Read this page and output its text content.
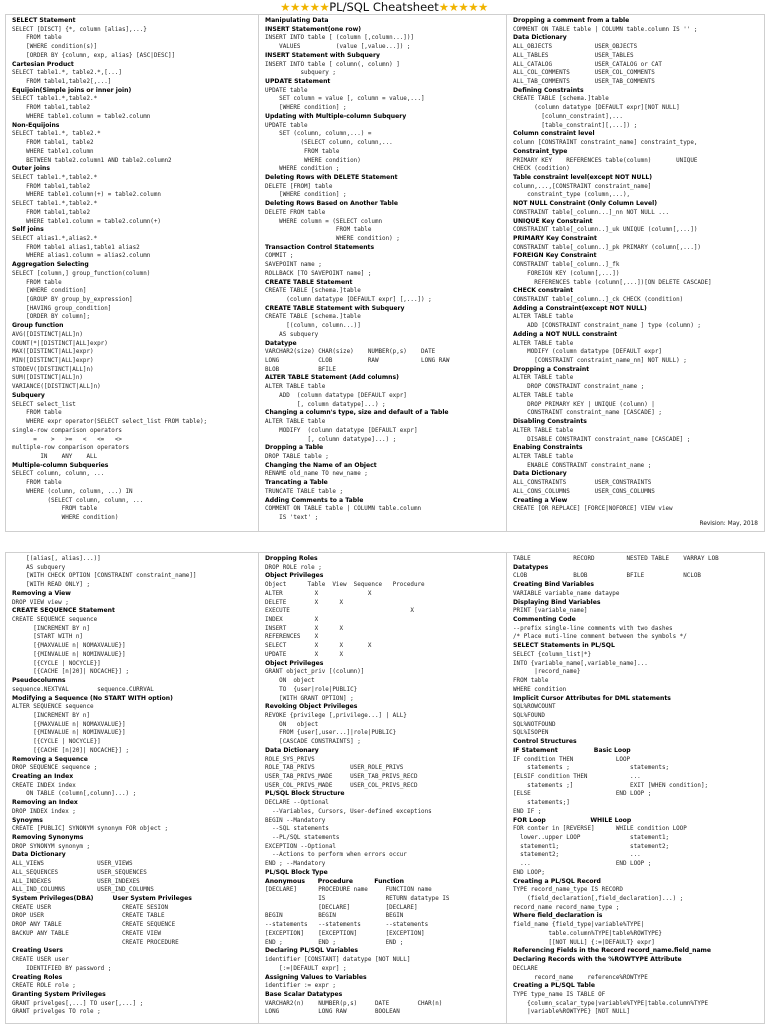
★★★★★PL/SQL Cheatsheet★★★★★
SELECT Statement
SELECT [DISCT] {*, column [alias],...}
FROM table
[WHERE condition(s)]
[ORDER BY {column, exp, alias} [ASC|DESC]]
Cartesian Product
SELECT table1.*, table2.*,[...]
FROM table1,table2[,...]
Equijoin(Simple joins or inner join)
SELECT table1.*,table2.*
FROM table1,table2
WHERE table1.column = table2.column
Non-Equijoins
SELECT table1.*, table2.*
FROM table1, table2
WHERE table1.column
BETWEEN table2.column1 AND table2.column2
Outer joins
SELECT table1.*,table2.*
FROM table1,table2
WHERE table1.column(+) = table2.column
SELECT table1.*,table2.*
FROM table1,table2
WHERE table1.column = table2.column(+)
Self joins
SELECT alias1.*,alias2.*
FROM table1 alias1,table1 alias2
WHERE alias1.column = alias2.column
Aggregation Selecting
SELECT [column,] group_function(column)
FROM table
[WHERE condition]
[GROUP BY group_by_expression]
[HAVING group_condition]
[ORDER BY column];
Group function
AVG([DISTINCT|ALL]n)
COUNT(*|[DISTINCT|ALL]expr)
MAX([DISTINCT|ALL]expr)
MIN([DISTINCT|ALL]expr)
STDDEV([DISTINCT|ALL]n)
SUM([DISTINCT|ALL]n)
VARIANCE([DISTINCT|ALL]n)
Subquery
SELECT select_list
FROM table
WHERE expr operator(SELECT select_list FROM table);
single-row comparison operators
=    >   >=   <   <=   <>
multiple-row comparison operators
IN    ANY    ALL
Multiple-column Subqueries
SELECT column, column, ...
FROM table
WHERE (column, column, ...) IN
(SELECT column, column, ...
FROM table
WHERE condition)
Manipulating Data
INSERT Statement(one row)
INSERT INTO table [ (column [,column...])]
VALUES          (value [,value...]) ;
INSERT Statement with Subquery
INSERT INTO table [ column(, column) ]
subquery ;
UPDATE Statement
UPDATE table
SET column = value [, column = value,...]
[WHERE condition] ;
Updating with Multiple-column Subquery
UPDATE table
SET (column, column,...) =
(SELECT column, column,...
FROM table
WHERE condition)
WHERE condition ;
Deleting Rows with DELETE Statement
DELETE [FROM] table
[WHERE condition] ;
Deleting Rows Based on Another Table
DELETE FROM table
WHERE column = (SELECT column
FROM table
WHERE condition) ;
Transaction Control Statements
COMMIT ;
SAVEPOINT name ;
ROLLBACK [TO SAVEPOINT name] ;
CREATE TABLE Statement
CREATE TABLE [schema.]table
(column datatype [DEFAULT expr] [,...]) ;
CREATE TABLE Statement with Subquery
CREATE TABLE [schema.]table
[(column, column...)]
AS subquery
Datatype
VARCHAR2(size) CHAR(size)    NUMBER(p,s)    DATE
LONG           CLOB          RAW            LONG RAW
BLOB           BFILE
ALTER TABLE Statement (Add columns)
ALTER TABLE table
ADD  (column datatype [DEFAULT expr]
[, column datatype]...) ;
Changing a column's type, size and default of a Table
ALTER TABLE table
MODIFY  (column datatype [DEFAULT expr]
[, column datatype]...) ;
Dropping a Table
DROP TABLE table ;
Changing the Name of an Object
RENAME old_name TO new_name ;
Trancating a Table
TRUNCATE TABLE table ;
Adding Comments to a Table
COMMENT ON TABLE table | COLUMN table.column
IS 'text' ;
Dropping a comment from a table
COMMENT ON TABLE table | COLUMN table.column IS '' ;
Data Dictionary
ALL_OBJECTS            USER_OBJECTS
ALL_TABLES             USER_TABLES
ALL_CATALOG            USER_CATALOG or CAT
ALL_COL_COMMENTS       USER_COL_COMMENTS
ALL_TAB_COMMENTS       USER_TAB_COMMENTS
Defining Constraints
CREATE TABLE [schema.]table
(column datatype [DEFAULT expr][NOT NULL]
[column_constraint],...
[table_constraint][,...]) ;
Column constraint level
column [CONSTRAINT constraint_name] constraint_type,
Constraint_type
PRIMARY KEY    REFERENCES table(column)       UNIQUE
CHECK (codition)
Table constraint level(except NOT NULL)
column,...,[CONSTRAINT constraint_name]
constraint_type (column,...),
NOT NULL Constraint (Only Column Level)
CONSTRAINT table[_column...]_nn NOT NULL ...
UNIQUE Key Constraint
CONSTRAINT table[_column..]_uk UNIQUE (column[,...])
PRIMARY Key Constraint
CONSTRAINT table[_column..]_pk PRIMARY (column[,...])
FOREIGN Key Constraint
CONSTRAINT table[_column..]_fk
FOREIGN KEY (column[,...])
REFERENCES table (column[,...])[ON DELETE CASCADE]
CHECK constraint
CONSTRAINT table[_column..]_ck CHECK (condition)
Adding a Constraint(except NOT NULL)
ALTER TABLE table
ADD [CONSTRAINT constraint_name ] type (column) ;
Adding a NOT NULL constraint
ALTER TABLE table
MODIFY (column datatype [DEFAULT expr]
[CONSTRAINT constraint_name_nn] NOT NULL) ;
Dropping a Constraint
ALTER TABLE table
DROP CONSTRAINT constraint_name ;
ALTER TABLE table
DROP PRIMARY KEY | UNIQUE (column) |
CONSTRAINT constraint_name [CASCADE] ;
Disabling Constraints
ALTER TABLE table
DISABLE CONSTRAINT constraint_name [CASCADE] ;
Enabing Constraints
ALTER TABLE table
ENABLE CONSTRAINT constraint_name ;
Data Dictionary
ALL_CONSTRAINTS        USER_CONSTRAINTS
ALL_CONS_COLUMNS       USER_CONS_COLUMNS
Creating a View
CREATE [OR REPLACE] [FORCE|NOFORCE] VIEW view
Revision: May, 2018
[(alias[, alias]...)]
AS subquery
[WITH CHECK OPTION [CONSTRAINT constraint_name]]
[WITH READ ONLY] ;
Removing a View
DROP VIEW view ;
CREATE SEQUENCE Statement
CREATE SEQUENCE sequence
[INCREMENT BY n]
[START WITH n]
[{MAXVALUE n| NOMAXVALUE}]
[{MINVALUE n| NOMINVALUE}]
[{CYCLE | NOCYCLE}]
[{CACHE [n|20]| NOCACHE}] ;
Pseudocolumns
sequence.NEXTVAL        sequence.CURRVAL
Modifying a Sequence (No START WITH option)
ALTER SEQUENCE sequence
[INCREMENT BY n]
[{MAXVALUE n| NOMAXVALUE}]
[{MINVALUE n| NOMINVALUE}]
[{CYCLE | NOCYCLE}]
[{CACHE [n|20]| NOCACHE}] ;
Removing a Sequence
DROP SEQUENCE sequence ;
Creating an Index
CREATE INDEX index
ON TABLE (column[,column]...) ;
Removing an Index
DROP INDEX index ;
Synoyms
CREATE [PUBLIC] SYNONYM synonym FOR object ;
Removing Synonyms
DROP SYNONYM synonym ;
Data Dictionary
ALL_VIEWS               USER_VIEWS
ALL_SEQUENCES           USER_SEQUENCES
ALL_INDEXES             USER_INDEXES
ALL_IND_COLUMNS         USER_IND_COLUMNS
System Privileges(DBA)         User System Privileges
CREATE USER                    CREATE SESION
DROP USER                      CREATE TABLE
DROP ANY TABLE                 CREATE SEQUENCE
BACKUP ANY TABLE               CREATE VIEW
CREATE PROCEDURE
Creating Users
CREATE USER user
IDENTIFIED BY password ;
Creating Roles
CREATE ROLE role ;
Granting System Privileges
GRANT privelges[,...] TO user[,...] ;
GRANT privelges TO role ;
Dropping Roles
DROP ROLE role ;
Object Privileges
Object      Table  View  Sequence   Procedure
ALTER         X              X
DELETE        X      X
EXECUTE                                  X
INDEX         X
INSERT        X      X
REFERENCES    X
SELECT        X      X       X
UPDATE        X      X
Object Privileges
GRANT object_priv [(column)]
ON  object
TO  {user|role|PUBLIC}
[WITH GRANT OPTION] ;
Revoking Object Privileges
REVOKE {privilege [,privilege...] | ALL}
ON   object
FROM {user[,user...]|role|PUBLIC}
[CASCADE CONSTRAINTS] ;
Data Dictionary
ROLE_SYS_PRIVS
ROLE_TAB_PRIVS          USER_ROLE_PRIVS
USER_TAB_PRIVS_MADE     USER_TAB_PRIVS_RECD
USER_COL_PRIVS_MADE     USER_COL_PRIVS_RECD
PL/SQL Block Structure
DECLARE --Optional
--Variables, Cursors, User-defined exceptions
BEGIN --Mandatory
--SQL statements
--PL/SQL statements
EXCEPTION --Optional
--Actions to perform when errors occur
END ; --Mandatory
PL/SQL Block Type
Anonymous      Procedure          Function
[DECLARE]      PROCEDURE name     FUNCTION name
IS                 RETURN datatype IS
[DECLARE]          [DECLARE]
BEGIN          BEGIN              BEGIN
--statements   --statements       --statements
[EXCEPTION]    [EXCEPTION]        [EXCEPTION]
END ;          END ;              END ;
Declaring PL/SQL Variables
identifier [CONSTANT] datatype [NOT NULL]
[:=|DEFAULT expr] ;
Assigning Values to Variables
identifier := expr ;
Base Scalar Datatypes
VARCHAR2(n)    NUMBER(p,s)     DATE        CHAR(n)
LONG           LONG RAW        BOOLEAN
TABLE            RECORD         NESTED TABLE    VARRAY LOB
Datatypes
CLOB             BLOB           BFILE           NCLOB
Creating Bind Variables
VARIABLE variable_name dataype
Displaying Bind Variables
PRINT [variable_name]
Commenting Code
--prefix single-line comments with two dashes
/* Place muti-line comment between the symbols */
SELECT Statements in PL/SQL
SELECT {column_list|*}
INTO {variable_name[,variable_name]...
|record_name}
FROM table
WHERE condition
Implicit Cursor Attributes for DML statements
SQL%ROWCOUNT
SQL%FOUND
SQL%NOTFOUND
SQL%ISOPEN
Control Structures
IF Statement                 Basic Loop
IF condition THEN            LOOP
statements ;                 statements;
[ELSIF condition THEN            ...
statements ;]                EXIT [WHEN condition];
[ELSE                        END LOOP ;
statements;]
END IF ;
FOR Loop                     WHILE Loop
FOR conter in [REVERSE]      WHILE condition LOOP
lower..upper LOOP              statement1;
statement1;                    statement2;
statement2;                    ...
...                        END LOOP ;
END LOOP;
Creating a PL/SQL Record
TYPE record_name_type IS RECORD
(field_declaration[,field_declaration]...) ;
record_name record_name_type ;
Where field_declaration is
field_name {field_type|variable%TYPE|
table.column%TYPE|table%ROWTYPE}
[[NOT NULL] {:=|DEFAULT} expr]
Referencing Fields in the Record record_name.field_name
Declaring Records with the %ROWTYPE Attribute
DECLARE
record_name    reference%ROWTYPE
Creating a PL/SQL Table
TYPE type_name IS TABLE OF
{column_scalar_type|variable%TYPE|table.column%TYPE
|variable%ROWTYPE} [NOT NULL]
